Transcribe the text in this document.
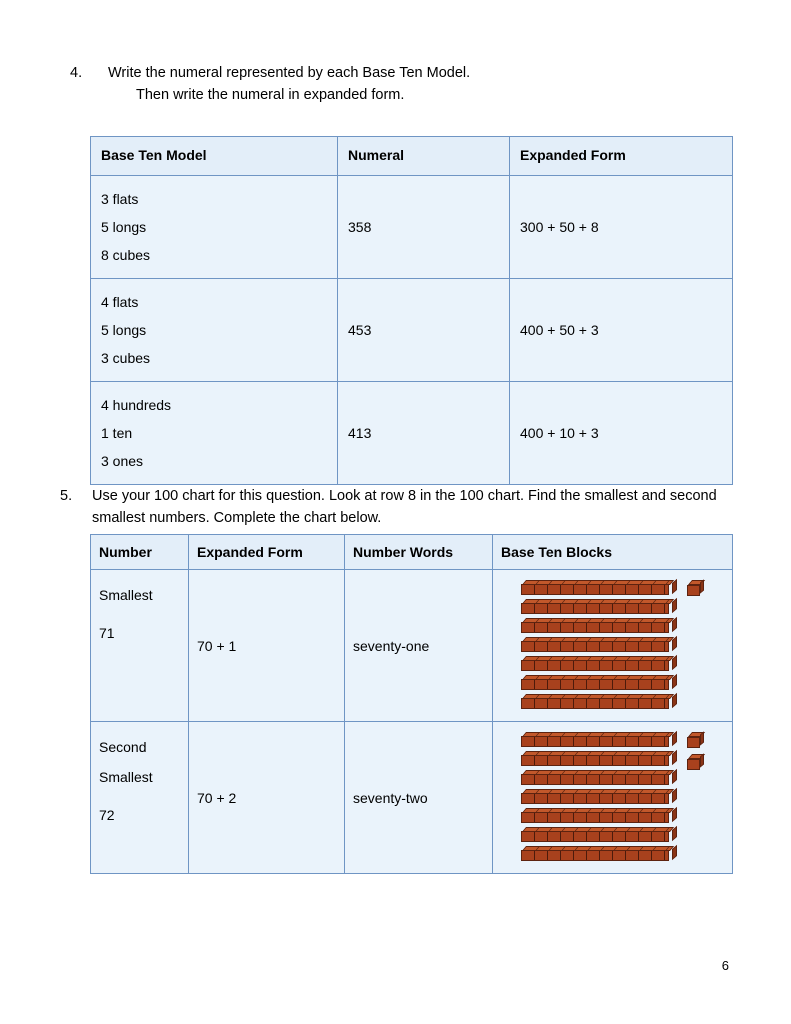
4.	Write the numeral represented by each Base Ten Model.
Then write the numeral in expanded form.
Base Ten Model	Numeral	Expanded Form

3 flats
5 longs
8 cubes	358	300 + 50 + 8

4 flats
5 longs
3 cubes	453	400 + 50 + 3

4 hundreds
1 ten
3 ones	413	400 + 10 + 3
5.	Use your 100 chart for this question. Look at row 8 in the 100 chart. Find the smallest and second smallest numbers. Complete the chart below.
Number	Expanded Form	Number Words	Base Ten Blocks

Smallest
71	70 + 1	seventy-one	

Second
Smallest
72	70 + 2	seventy-two	
6
